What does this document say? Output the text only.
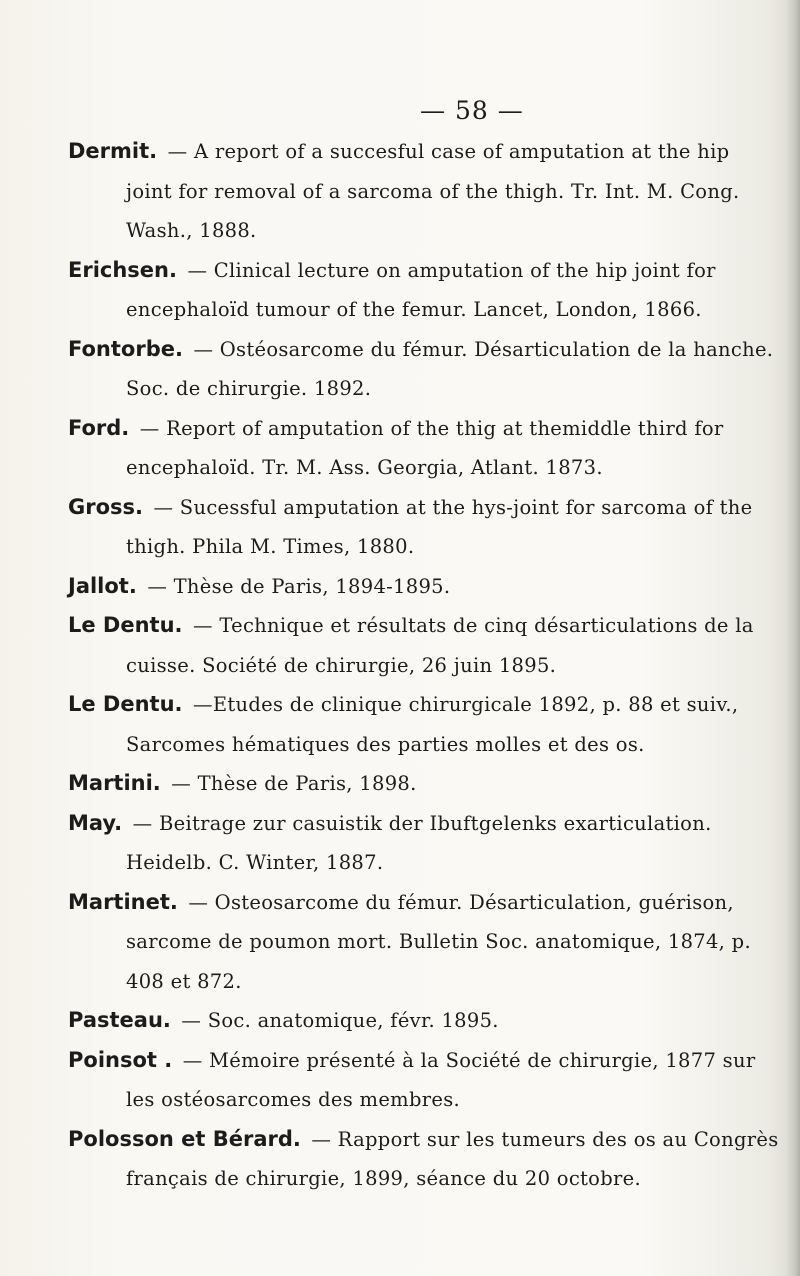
— 58 —

Dermit. — A report of a succesful case of amputation at the hip joint for removal of a sarcoma of the thigh. Tr. Int. M. Cong. Wash., 1888.

Erichsen. — Clinical lecture on amputation of the hip joint for encephaloïd tumour of the femur. Lancet, London, 1866.

Fontorbe. — Ostéosarcome du fémur. Désarticulation de la hanche. Soc. de chirurgie. 1892.

Ford. — Report of amputation of the thig at themiddle third for encephaloïd. Tr. M. Ass. Georgia, Atlant. 1873.

Gross. — Sucessful amputation at the hys-joint for sarcoma of the thigh. Phila M. Times, 1880.

Jallot. — Thèse de Paris, 1894-1895.

Le Dentu. — Technique et résultats de cinq désarticulations de la cuisse. Société de chirurgie, 26 juin 1895.

Le Dentu. —Etudes de clinique chirurgicale 1892, p. 88 et suiv., Sarcomes hématiques des parties molles et des os.

Martini. — Thèse de Paris, 1898.

May. — Beitrage zur casuistik der Ibuftgelenks exarticulation. Heidelb. C. Winter, 1887.

Martinet. — Osteosarcome du fémur. Désarticulation, guérison, sarcome de poumon mort. Bulletin Soc. anatomique, 1874, p. 408 et 872.

Pasteau. — Soc. anatomique, févr. 1895.

Poinsot . — Mémoire présenté à la Société de chirurgie, 1877 sur les ostéosarcomes des membres.

Polosson et Bérard. — Rapport sur les tumeurs des os au Congrès français de chirurgie, 1899, séance du 20 octobre.
